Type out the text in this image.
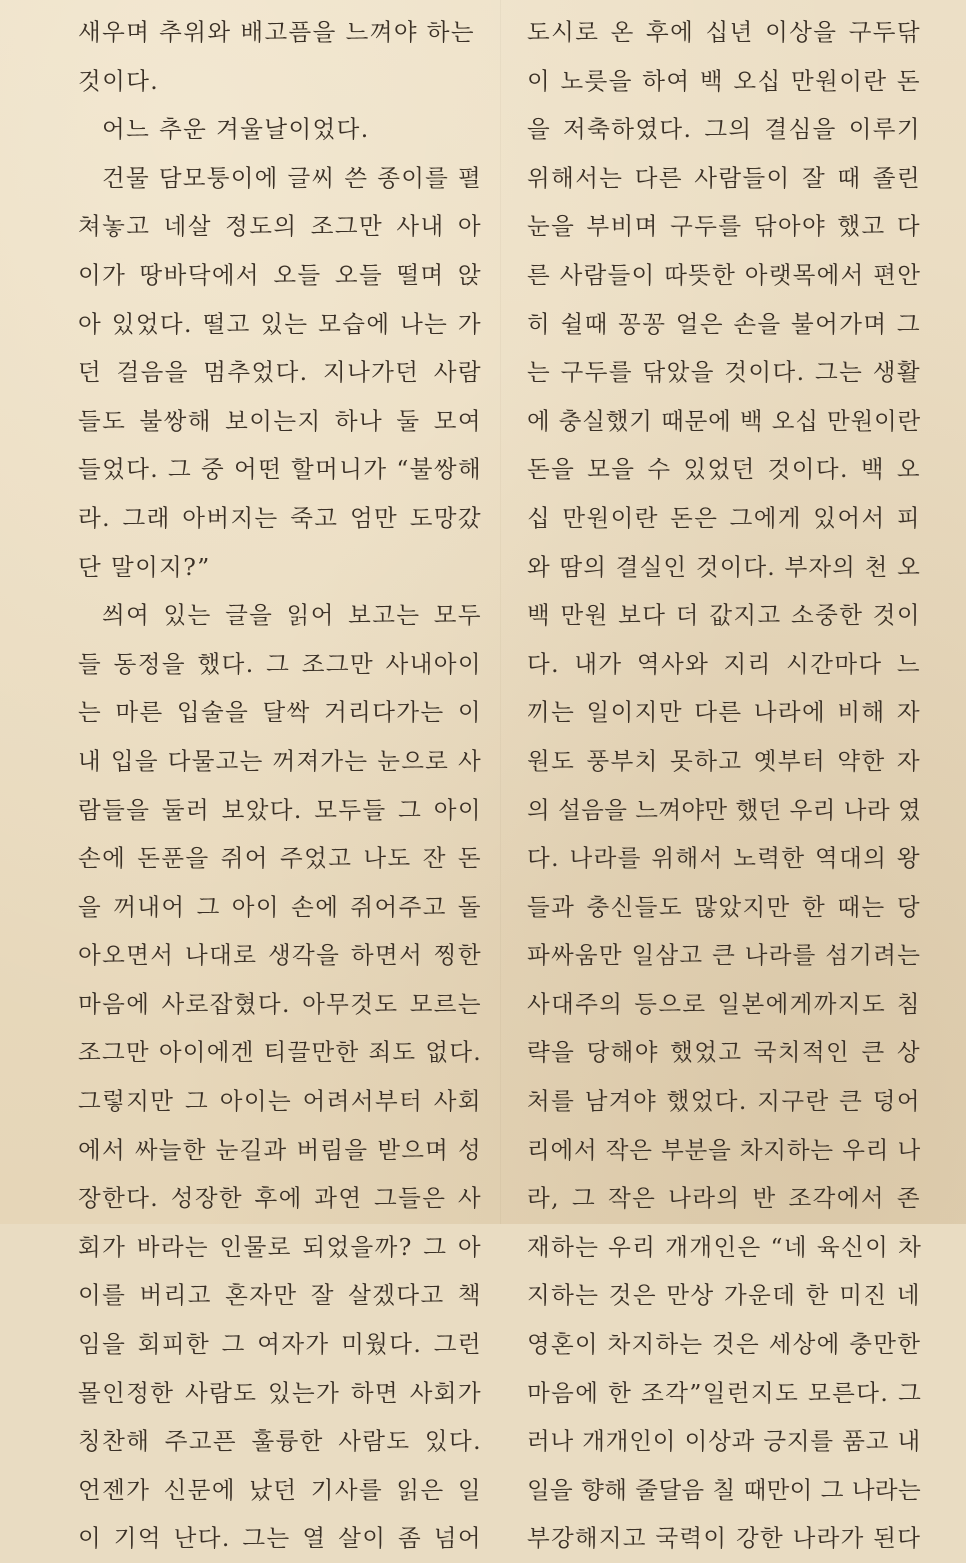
새우며 추위와 배고픔을 느껴야 하는
것이다.
어느 추운 겨울날이었다.
건물 담모퉁이에 글씨 쓴 종이를 펼
쳐놓고 네살 정도의 조그만 사내 아
이가 땅바닥에서 오들 오들 떨며 앉
아 있었다. 떨고 있는 모습에 나는 가
던 걸음을 멈추었다. 지나가던 사람
들도 불쌍해 보이는지 하나 둘 모여
들었다. 그 중 어떤 할머니가 “불쌍해
라. 그래 아버지는 죽고 엄만 도망갔
단 말이지?”
씌여 있는 글을 읽어 보고는 모두
들 동정을 했다. 그 조그만 사내아이
는 마른 입술을 달싹 거리다가는 이
내 입을 다물고는 꺼져가는 눈으로 사
람들을 둘러 보았다. 모두들 그 아이
손에 돈푼을 쥐어 주었고 나도 잔 돈
을 꺼내어 그 아이 손에 쥐어주고 돌
아오면서 나대로 생각을 하면서 찡한
마음에 사로잡혔다. 아무것도 모르는
조그만 아이에겐 티끌만한 죄도 없다.
그렇지만 그 아이는 어려서부터 사회
에서 싸늘한 눈길과 버림을 받으며 성
장한다. 성장한 후에 과연 그들은 사
회가 바라는 인물로 되었을까? 그 아
이를 버리고 혼자만 잘 살겠다고 책
임을 회피한 그 여자가 미웠다. 그런
몰인정한 사람도 있는가 하면 사회가
칭찬해 주고픈 훌륭한 사람도 있다.
언젠가 신문에 났던 기사를 읽은 일
이 기억 난다. 그는 열 살이 좀 넘어
도시로 온 후에 십년 이상을 구두닦
이 노릇을 하여 백 오십 만원이란 돈
을 저축하였다. 그의 결심을 이루기
위해서는 다른 사람들이 잘 때 졸린
눈을 부비며 구두를 닦아야 했고 다
른 사람들이 따뜻한 아랫목에서 편안
히 쉴때 꽁꽁 얼은 손을 불어가며 그
는 구두를 닦았을 것이다. 그는 생활
에 충실했기 때문에 백 오십 만원이란
돈을 모을 수 있었던 것이다. 백 오
십 만원이란 돈은 그에게 있어서 피
와 땀의 결실인 것이다. 부자의 천 오
백 만원 보다 더 값지고 소중한 것이
다. 내가 역사와 지리 시간마다 느
끼는 일이지만 다른 나라에 비해 자
원도 풍부치 못하고 옛부터 약한 자
의 설음을 느껴야만 했던 우리 나라 였
다. 나라를 위해서 노력한 역대의 왕
들과 충신들도 많았지만 한 때는 당
파싸움만 일삼고 큰 나라를 섬기려는
사대주의 등으로 일본에게까지도 침
략을 당해야 했었고 국치적인 큰 상
처를 남겨야 했었다. 지구란 큰 덩어
리에서 작은 부분을 차지하는 우리 나
라, 그 작은 나라의 반 조각에서 존
재하는 우리 개개인은 “네 육신이 차
지하는 것은 만상 가운데 한 미진 네
영혼이 차지하는 것은 세상에 충만한
마음에 한 조각”일런지도 모른다. 그
러나 개개인이 이상과 긍지를 품고 내
일을 향해 줄달음 칠 때만이 그 나라는
부강해지고 국력이 강한 나라가 된다
